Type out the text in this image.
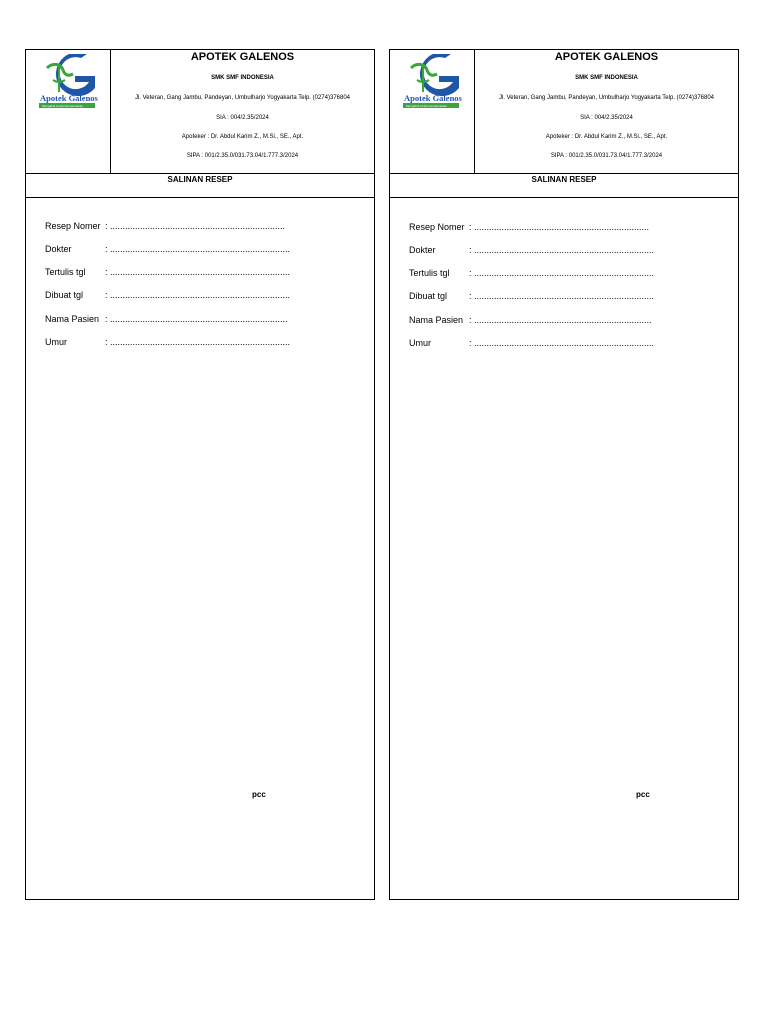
Apotek Galenos
Mengabdi Untuk Kemanusiaan
APOTEK GALENOS
SMK SMF INDONESIA
Jl. Veteran, Gang Jambu, Pandeyan, Umbulharjo Yogyakarta Telp. (0274)376804
SIA : 004/2.35/2024
Apoteker : Dr. Abdul Karim Z., M.Si., SE., Apt.
SIPA : 001/2.35.0/031.73.04/1.777.3/2024
SALINAN RESEP
Resep Nomer : ......................................................................
Dokter	: ........................................................................
Tertulis tgl : ........................................................................
Dibuat tgl : ........................................................................
Nama Pasien : .......................................................................
Umur	: ........................................................................
pcc
Apotek Galenos
Mengabdi Untuk Kemanusiaan
APOTEK GALENOS
SMK SMF INDONESIA
Jl. Veteran, Gang Jambu, Pandeyan, Umbulharjo Yogyakarta Telp. (0274)376804
SIA : 004/2.35/2024
Apoteker : Dr. Abdul Karim Z., M.Si., SE., Apt.
SIPA : 001/2.35.0/031.73.04/1.777.3/2024
SALINAN RESEP
Resep Nomer : ......................................................................
Dokter	: ........................................................................
Tertulis tgl : ........................................................................
Dibuat tgl : ........................................................................
Nama Pasien : .......................................................................
Umur	: ........................................................................
pcc
